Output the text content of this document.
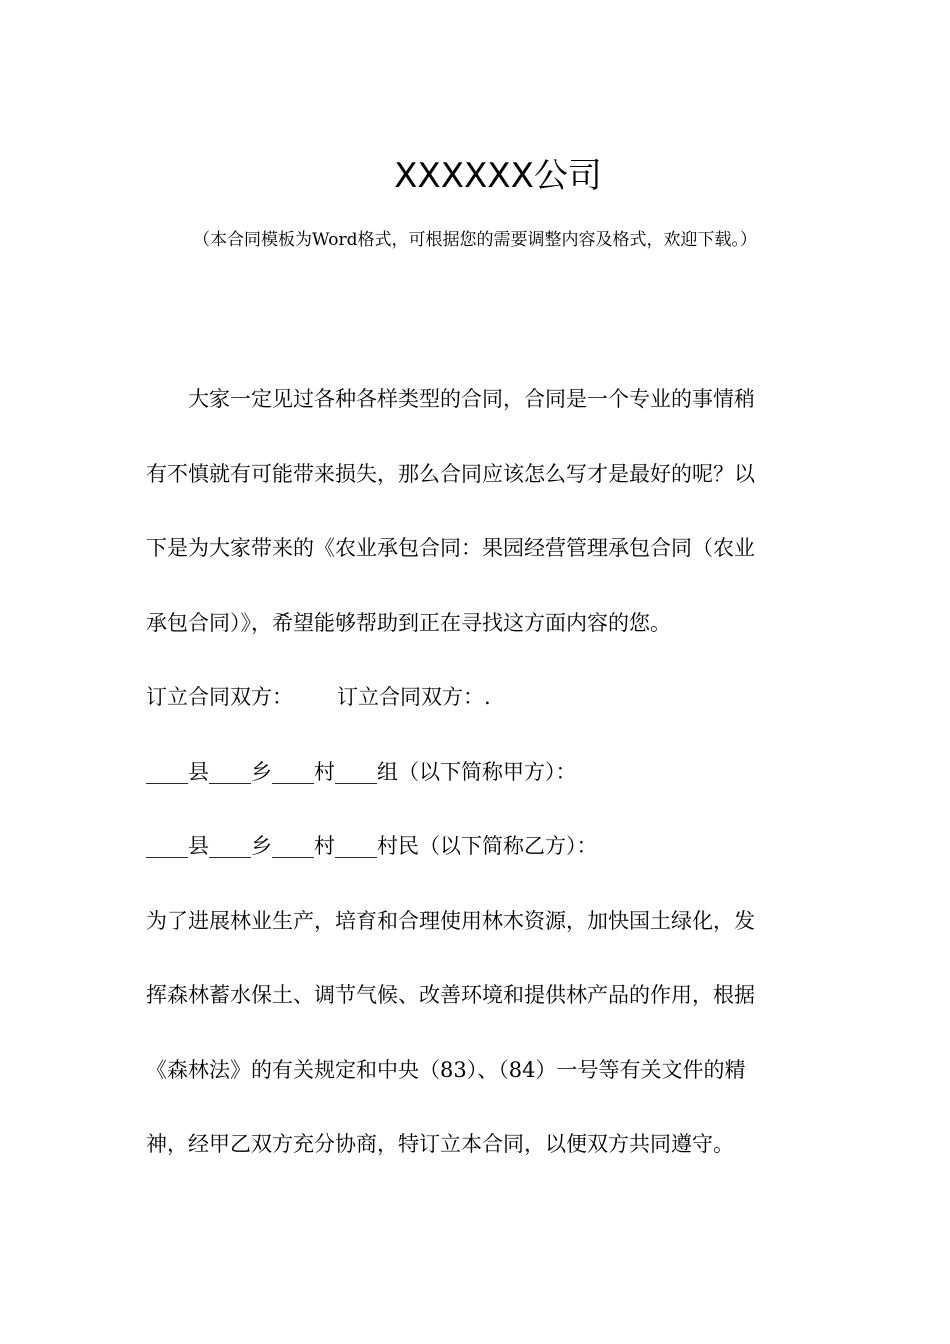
XXXXXX公司
（本合同模板为Word格式，可根据您的需要调整内容及格式，欢迎下载。）
大家一定见过各种各样类型的合同，合同是一个专业的事情稍
有不慎就有可能带来损失，那么合同应该怎么写才是最好的呢？以
下是为大家带来的《农业承包合同：果园经营管理承包合同（农业
承包合同）》，希望能够帮助到正在寻找这方面内容的您。
订立合同双方： 订立合同双方：.
____县____乡____村____组（以下简称甲方）：
____县____乡____村____村民（以下简称乙方）：
为了进展林业生产，培育和合理使用林木资源，加快国土绿化，发
挥森林蓄水保土、调节气候、改善环境和提供林产品的作用，根据
《森林法》的有关规定和中央（83）、（84）一号等有关文件的精
神，经甲乙双方充分协商，特订立本合同，以便双方共同遵守。
